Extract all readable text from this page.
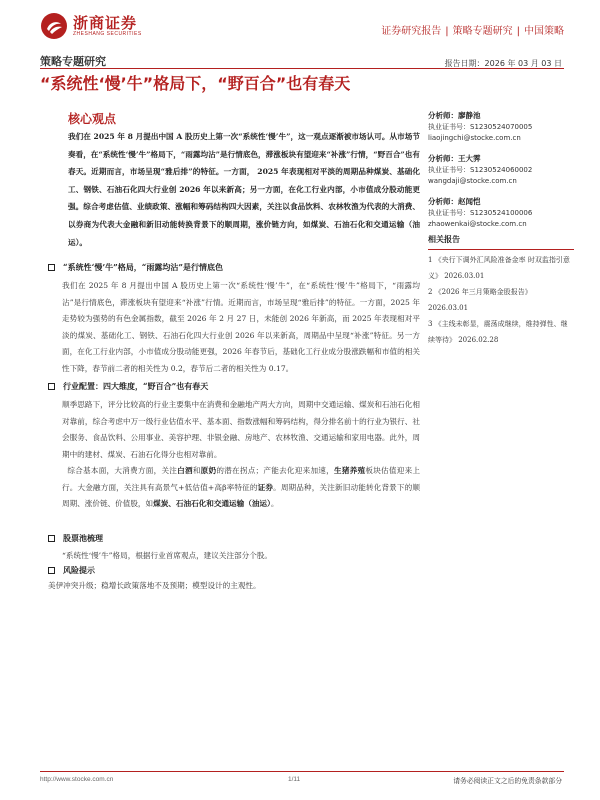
浙商证券
ZHESHANG SECURITIES	证券研究报告 | 策略专题研究 | 中国策略
策略专题研究	报告日期：2026 年 03 月 03 日
“系统性‘慢’牛”格局下，“野百合”也有春天
核心观点
我们在 2025 年 8 月提出中国 A 股历史上第一次“系统性‘慢’牛”，这一观点逐渐被市场认可。从市场节奏看，在“系统性‘慢’牛”格局下，“雨露均沾”是行情底色，滞涨板块有望迎来“补涨”行情，“野百合”也有春天。近期而言，市场呈现“雅后排”的特征。一方面， 2025 年表现相对平淡的周期品种煤炭、基础化工、钢铁、石油石化四大行业创 2026 年以来新高；另一方面，在化工行业内部，小市值成分股动能更强。综合考虑估值、业绩政策、涨幅和筹码结构四大因素，关注以食品饮料、农林牧渔为代表的大消费、以券商为代表大金融和新旧动能转换背景下的顺周期，涨价链方向，如煤炭、石油石化和交通运输（油运）。
“系统性‘慢’牛”格局，“雨露均沾”是行情底色
我们在 2025 年 8 月提出中国 A 股历史上第一次“系统性‘慢’牛”，在“系统性‘慢’牛”格局下，“雨露均沾”是行情底色，滞涨板块有望迎来“补涨”行情。近期而言，市场呈现“雅后排”的特征。一方面，2025 年走势较为强势的有色金属指数，截至 2026 年 2 月 27 日，未能创 2026 年新高，而 2025 年表现相对平淡的煤炭、基础化工、钢铁、石油石化四大行业创 2026 年以来新高，周期品中呈现“补涨”特征。另一方面，在化工行业内部，小市值成分股动能更强，2026 年春节后，基础化工行业成分股涨跌幅和市值的相关性下降，春节前二者的相关性为 0.2，春节后二者的相关性为 0.17。
行业配置：四大维度，“野百合”也有春天
顺季思路下，评分比较高的行业主要集中在消费和金融地产两大方向，周期中交通运输、煤炭和石油石化相对靠前，综合考虑中万一级行业估值水平、基本面、指数涨幅和筹码结构，得分排名前十的行业为银行、社会服务、食品饮料、公用事业、美容护理、非银金融、房地产、农林牧渔、交通运输和家用电器。此外，周期中的建材、煤炭、石油石化得分也相对靠前。
综合基本面，大消费方面，关注白酒和原奶的潜在拐点；产能去化迎来加速，生猪养殖板块估值迎来上行。大金融方面，关注具有高景气+低估值+高β率特征的证券。周期品种，关注新旧动能转化背景下的顺周期、涨价链、价值股，如煤炭、石油石化和交通运输（油运）。
股票池梳理
“系统性‘慢’牛”格局，根据行业首席观点，建议关注部分个股。
风险提示
美伊冲突升级；稳增长政策落地不及预期；模型设计的主观性。
分析师：廖静池
执业证书号：S1230524070005
liaojingchi@stocke.com.cn
分析师：王大霁
执业证书号：S1230524060002
wangdaji@stocke.com.cn
分析师：赵闻恺
执业证书号：S1230524100006
zhaowenkai@stocke.com.cn
相关报告
1 《央行下调外汇风险准备金率 时双监指引意义》 2026.03.01
2 《2026 年三月策略金股报告》 2026.03.01
3 《主线未彰显，震荡成继续，维持弹性、继续等待》 2026.02.28
http://www.stocke.com.cn	1/11	请务必阅读正文之后的免责条款部分
